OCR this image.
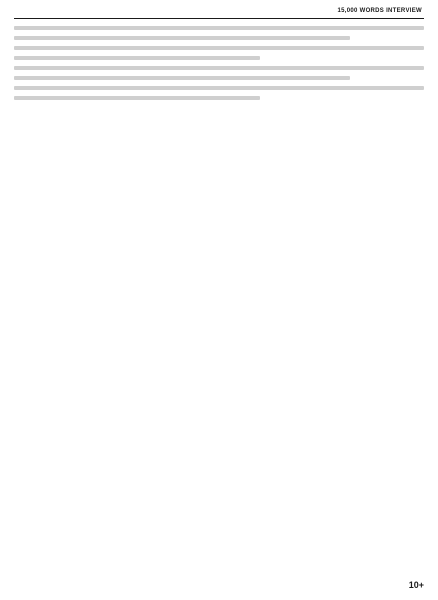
15,000 WORDS INTERVIEW
10+
